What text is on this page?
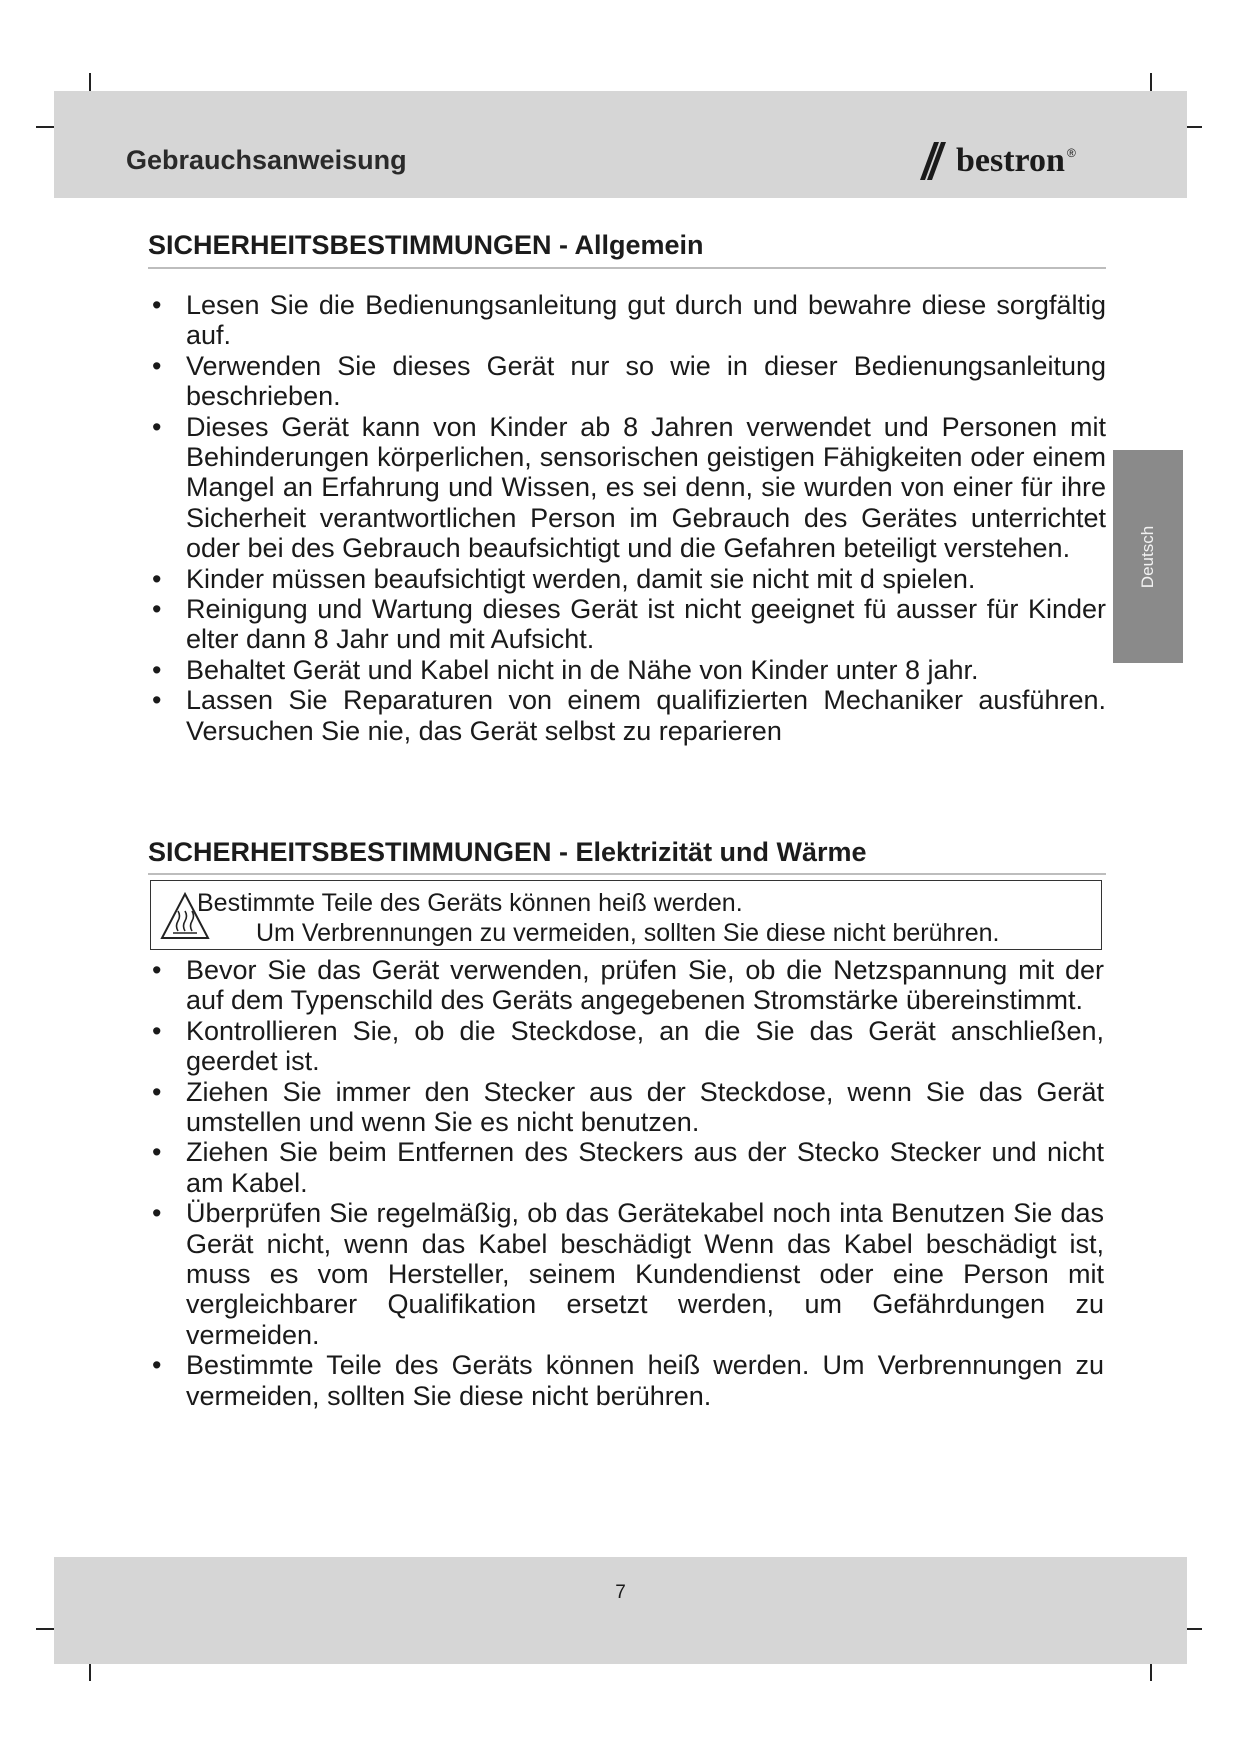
Gebrauchsanweisung	bestron ®
Deutsch
SICHERHEITSBESTIMMUNGEN - Allgemein
• Lesen Sie die Bedienungsanleitung gut durch und bewahre diese sorgfältig auf.
• Verwenden Sie dieses Gerät nur so wie in dieser Bedienungsanleitung beschrieben.
• Dieses Gerät kann von Kinder ab 8 Jahren verwendet und Personen mit Behinderungen körperlichen, sensorischen geistigen Fähigkeiten oder einem Mangel an Erfahrung und Wissen, es sei denn, sie wurden von einer für ihre Sicherheit verantwortlichen Person im Gebrauch des Gerätes unterrichtet oder bei des Gebrauch beaufsichtigt und die Gefahren beteiligt verstehen.
• Kinder müssen beaufsichtigt werden, damit sie nicht mit d spielen.
• Reinigung und Wartung dieses Gerät ist nicht geeignet fü ausser für Kinder elter dann 8 Jahr und mit Aufsicht.
• Behaltet Gerät und Kabel nicht in de Nähe von Kinder unter 8 jahr.
• Lassen Sie Reparaturen von einem qualifizierten Mechaniker ausführen. Versuchen Sie nie, das Gerät selbst zu reparieren
SICHERHEITSBESTIMMUNGEN - Elektrizität und Wärme
Bestimmte Teile des Geräts können heiß werden.
Um Verbrennungen zu vermeiden, sollten Sie diese nicht berühren.
• Bevor Sie das Gerät verwenden, prüfen Sie, ob die Netzspannung mit der auf dem Typenschild des Geräts angegebenen Stromstärke übereinstimmt.
• Kontrollieren Sie, ob die Steckdose, an die Sie das Gerät anschließen, geerdet ist.
• Ziehen Sie immer den Stecker aus der Steckdose, wenn Sie das Gerät umstellen und wenn Sie es nicht benutzen.
• Ziehen Sie beim Entfernen des Steckers aus der Stecko Stecker und nicht am Kabel.
• Überprüfen Sie regelmäßig, ob das Gerätekabel noch inta Benutzen Sie das Gerät nicht, wenn das Kabel beschädigt Wenn das Kabel beschädigt ist, muss es vom Hersteller, seinem Kundendienst oder eine Person mit vergleichbarer Qualifikation ersetzt werden, um Gefährdungen zu vermeiden.
• Bestimmte Teile des Geräts können heiß werden. Um Verbrennungen zu vermeiden, sollten Sie diese nicht berühren.
7
